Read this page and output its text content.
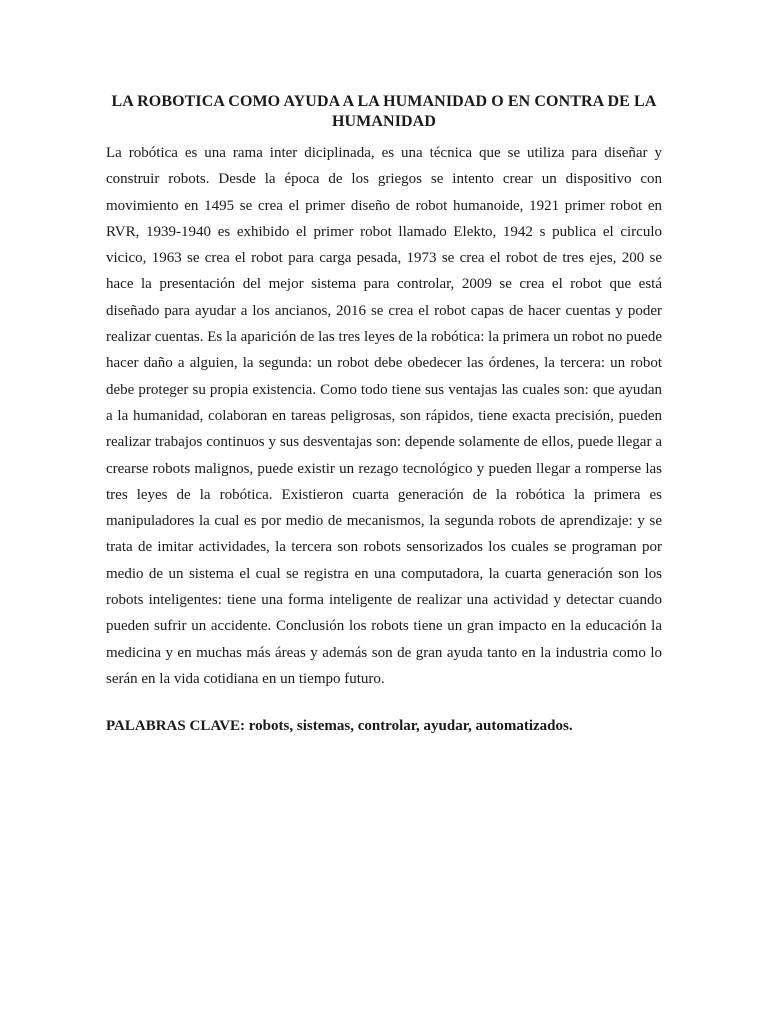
LA ROBOTICA COMO AYUDA A LA HUMANIDAD O EN CONTRA DE LA HUMANIDAD

La robótica es una rama inter diciplinada, es una técnica que se utiliza para diseñar y construir robots. Desde la época de los griegos se intento crear un dispositivo con movimiento en 1495 se crea el primer diseño de robot humanoide, 1921 primer robot en RVR, 1939-1940 es exhibido el primer robot llamado Elekto, 1942 s publica el circulo vicico, 1963 se crea el robot para carga pesada, 1973 se crea el robot de tres ejes, 200 se hace la presentación del mejor sistema para controlar, 2009 se crea el robot que está diseñado para ayudar a los ancianos, 2016 se crea el robot capas de hacer cuentas y poder realizar cuentas. Es la aparición de las tres leyes de la robótica: la primera un robot no puede hacer daño a alguien, la segunda: un robot debe obedecer las órdenes, la tercera: un robot debe proteger su propia existencia. Como todo tiene sus ventajas las cuales son: que ayudan a la humanidad, colaboran en tareas peligrosas, son rápidos, tiene exacta precisión, pueden realizar trabajos continuos y sus desventajas son: depende solamente de ellos, puede llegar a crearse robots malignos, puede existir un rezago tecnológico y pueden llegar a romperse las tres leyes de la robótica. Existieron cuarta generación de la robótica la primera es manipuladores la cual es por medio de mecanismos, la segunda robots de aprendizaje: y se trata de imitar actividades, la tercera son robots sensorizados los cuales se programan por medio de un sistema el cual se registra en una computadora, la cuarta generación son los robots inteligentes: tiene una forma inteligente de realizar una actividad y detectar cuando pueden sufrir un accidente. Conclusión los robots tiene un gran impacto en la educación la medicina y en muchas más áreas y además son de gran ayuda tanto en la industria como lo serán en la vida cotidiana en un tiempo futuro.

PALABRAS CLAVE: robots, sistemas, controlar, ayudar, automatizados.
